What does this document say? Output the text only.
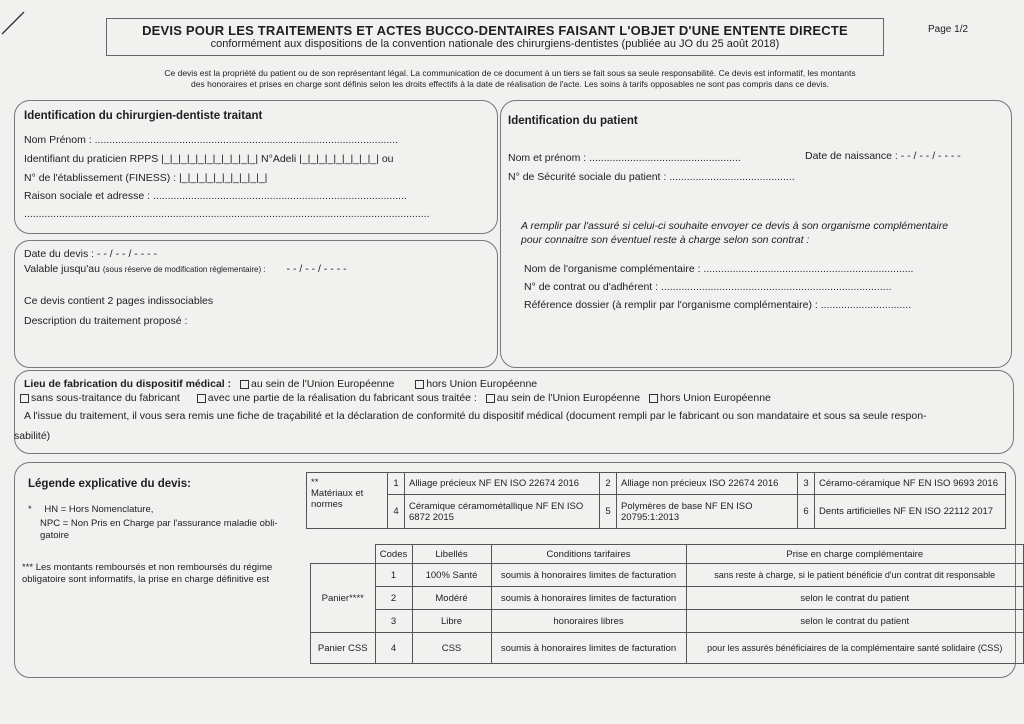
DEVIS POUR LES TRAITEMENTS ET ACTES BUCCO-DENTAIRES FAISANT L'OBJET D'UNE ENTENTE DIRECTE
conformément aux dispositions de la convention nationale des chirurgiens-dentistes (publiée au JO du 25 août 2018)
Page 1/2
Ce devis est la propriété du patient ou de son représentant légal. La communication de ce document à un tiers se fait sous sa seule responsabilité. Ce devis est informatif, les montants
des honoraires et prises en charge sont définis selon les droits effectifs à la date de réalisation de l'acte. Les soins à tarifs opposables ne sont pas compris dans ce devis.
Identification du chirurgien-dentiste traitant
Nom Prénom : ........................................................................................................
Identifiant du praticien RPPS |_|_|_|_|_|_|_|_|_|_|_| N°Adeli |_|_|_|_|_|_|_|_|_| ou
N° de l'établissement (FINESS) : |_|_|_|_|_|_|_|_|_|_|
Raison sociale et adresse : .......................................................................................
...........................................................................................................................................
Date du devis : - - / - - / - - - -
Valable jusqu'au (sous réserve de modification réglementaire) : - - / - - / - - - -
Ce devis contient 2 pages indissociables
Description du traitement proposé :
Identification du patient
Nom et prénom : ....................................................	Date de naissance : - - / - - / - - - -
N° de Sécurité sociale du patient : ...........................................
A remplir par l'assuré si celui-ci souhaite envoyer ce devis à son organisme complémentaire
pour connaitre son éventuel reste à charge selon son contrat :
Nom de l'organisme complémentaire : ........................................................................
N° de contrat ou d'adhérent : ...............................................................................
Référence dossier (à remplir par l'organisme complémentaire) : ...............................
Lieu de fabrication du dispositif médical : au sein de l'Union Européenne	hors Union Européenne
sans sous-traitance du fabricant	avec une partie de la réalisation du fabricant sous traitée : au sein de l'Union Européenne hors Union Européenne
A l'issue du traitement, il vous sera remis une fiche de traçabilité et la déclaration de conformité du dispositif médical (document rempli par le fabricant ou son mandataire et sous sa seule respon-
sabilité)
Légende explicative du devis:
* HN = Hors Nomenclature,
NPC = Non Pris en Charge par l'assurance maladie obli-
gatoire
*** Les montants remboursés et non remboursés du régime
obligatoire sont informatifs, la prise en charge définitive est
**
Matériaux et normes	1	Alliage précieux NF EN ISO 22674 2016	2	Alliage non précieux ISO 22674 2016	3	Céramo-céramique NF EN ISO 9693 2016
	4	Céramique céramométallique NF EN ISO 6872 2015	5	Polymères de base NF EN ISO 20795:1:2013	6	Dents artificielles NF EN ISO 22112 2017
	Codes	Libellés	Conditions tarifaires	Prise en charge complémentaire
Panier****	1	100% Santé	soumis à honoraires limites de facturation	sans reste à charge, si le patient bénéficie d'un contrat dit responsable
	2	Modéré	soumis à honoraires limites de facturation	selon le contrat du patient
	3	Libre	honoraires libres	selon le contrat du patient
Panier CSS	4	CSS	soumis à honoraires limites de facturation	pour les assurés bénéficiaires de la complémentaire santé solidaire (CSS)
